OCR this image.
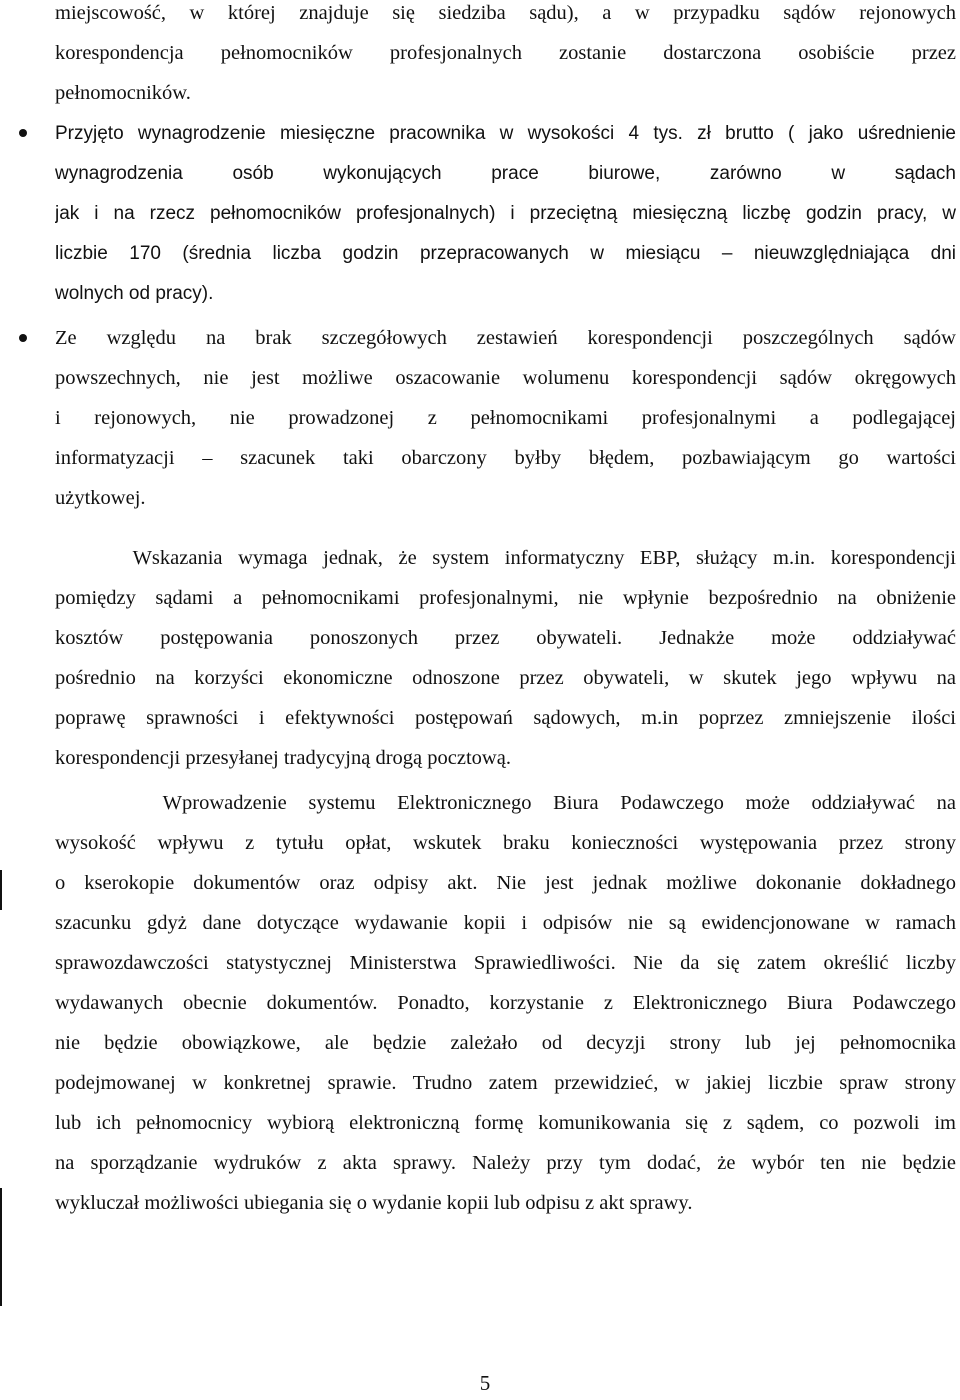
miejscowość, w której znajduje się siedziba sądu), a w przypadku sądów rejonowych
korespondencja pełnomocników profesjonalnych zostanie dostarczona osobiście przez
pełnomocników.
Przyjęto wynagrodzenie miesięczne pracownika w wysokości 4 tys. zł brutto ( jako uśrednienie
wynagrodzenia osób wykonujących prace biurowe, zarówno w sądach
jak i na rzecz pełnomocników profesjonalnych) i przeciętną miesięczną liczbę godzin pracy, w
liczbie 170 (średnia liczba godzin przepracowanych w miesiącu – nieuwzględniająca dni
wolnych od pracy).
Ze względu na brak szczegółowych zestawień korespondencji poszczególnych sądów
powszechnych, nie jest możliwe oszacowanie wolumenu korespondencji sądów okręgowych
i rejonowych, nie prowadzonej z pełnomocnikami profesjonalnymi a podlegającej
informatyzacji – szacunek taki obarczony byłby błędem, pozbawiającym go wartości
użytkowej.
Wskazania wymaga jednak, że system informatyczny EBP, służący m.in. korespondencji
pomiędzy sądami a pełnomocnikami profesjonalnymi, nie wpłynie bezpośrednio na obniżenie
kosztów postępowania ponoszonych przez obywateli. Jednakże może oddziaływać
pośrednio na korzyści ekonomiczne odnoszone przez obywateli, w skutek jego wpływu na
poprawę sprawności i efektywności postępowań sądowych, m.in poprzez zmniejszenie ilości
korespondencji przesyłanej tradycyjną drogą pocztową.
Wprowadzenie systemu Elektronicznego Biura Podawczego może oddziaływać na
wysokość wpływu z tytułu opłat, wskutek braku konieczności występowania przez strony
o kserokopie dokumentów oraz odpisy akt. Nie jest jednak możliwe dokonanie dokładnego
szacunku gdyż dane dotyczące wydawanie kopii i odpisów nie są ewidencjonowane w ramach
sprawozdawczości statystycznej Ministerstwa Sprawiedliwości. Nie da się zatem określić liczby
wydawanych obecnie dokumentów. Ponadto, korzystanie z Elektronicznego Biura Podawczego
nie będzie obowiązkowe, ale będzie zależało od decyzji strony lub jej pełnomocnika
podejmowanej w konkretnej sprawie. Trudno zatem przewidzieć, w jakiej liczbie spraw strony
lub ich pełnomocnicy wybiorą elektroniczną formę komunikowania się z sądem, co pozwoli im
na sporządzanie wydruków z akta sprawy. Należy przy tym dodać, że wybór ten nie będzie
wykluczał możliwości ubiegania się o wydanie kopii lub odpisu z akt sprawy.
5
